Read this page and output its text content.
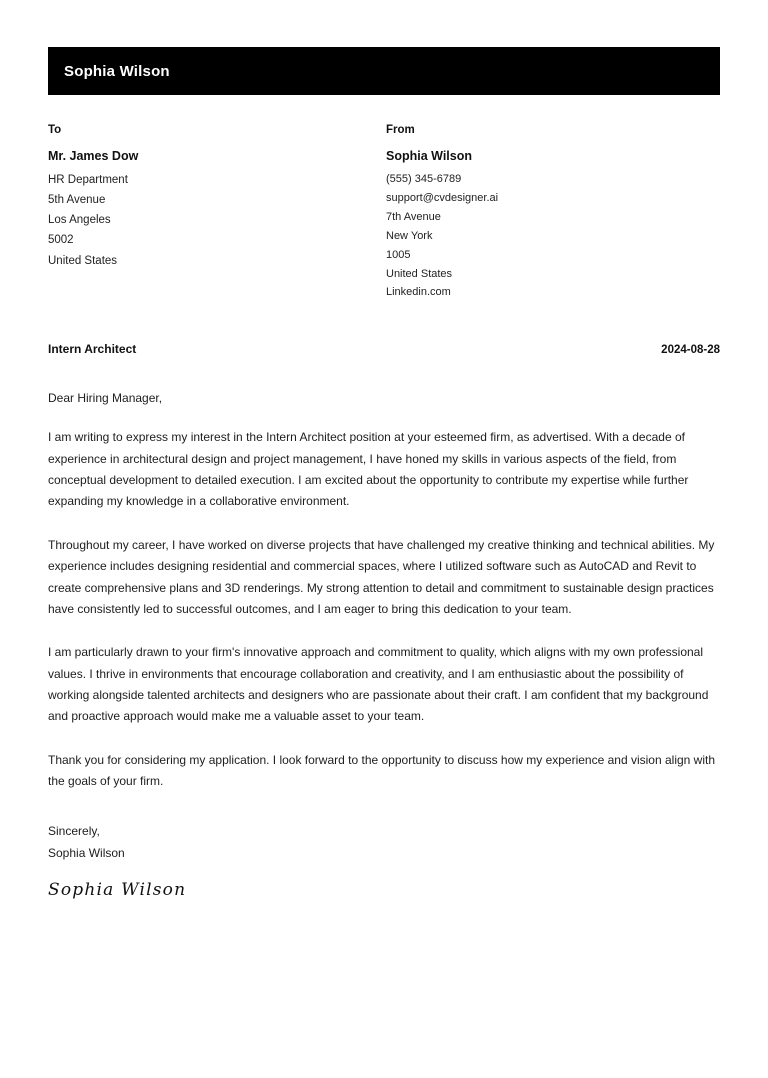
Sophia Wilson
To
Mr. James Dow
HR Department
5th Avenue
Los Angeles
5002
United States
From
Sophia Wilson
(555) 345-6789
support@cvdesigner.ai
7th Avenue
New York
1005
United States
Linkedin.com
Intern Architect	2024-08-28
Dear Hiring Manager,

I am writing to express my interest in the Intern Architect position at your esteemed firm, as advertised. With a decade of experience in architectural design and project management, I have honed my skills in various aspects of the field, from conceptual development to detailed execution. I am excited about the opportunity to contribute my expertise while further expanding my knowledge in a collaborative environment.

Throughout my career, I have worked on diverse projects that have challenged my creative thinking and technical abilities. My experience includes designing residential and commercial spaces, where I utilized software such as AutoCAD and Revit to create comprehensive plans and 3D renderings. My strong attention to detail and commitment to sustainable design practices have consistently led to successful outcomes, and I am eager to bring this dedication to your team.

I am particularly drawn to your firm's innovative approach and commitment to quality, which aligns with my own professional values. I thrive in environments that encourage collaboration and creativity, and I am enthusiastic about the possibility of working alongside talented architects and designers who are passionate about their craft. I am confident that my background and proactive approach would make me a valuable asset to your team.

Thank you for considering my application. I look forward to the opportunity to discuss how my experience and vision align with the goals of your firm.

Sincerely,
Sophia Wilson
Sophia Wilson
